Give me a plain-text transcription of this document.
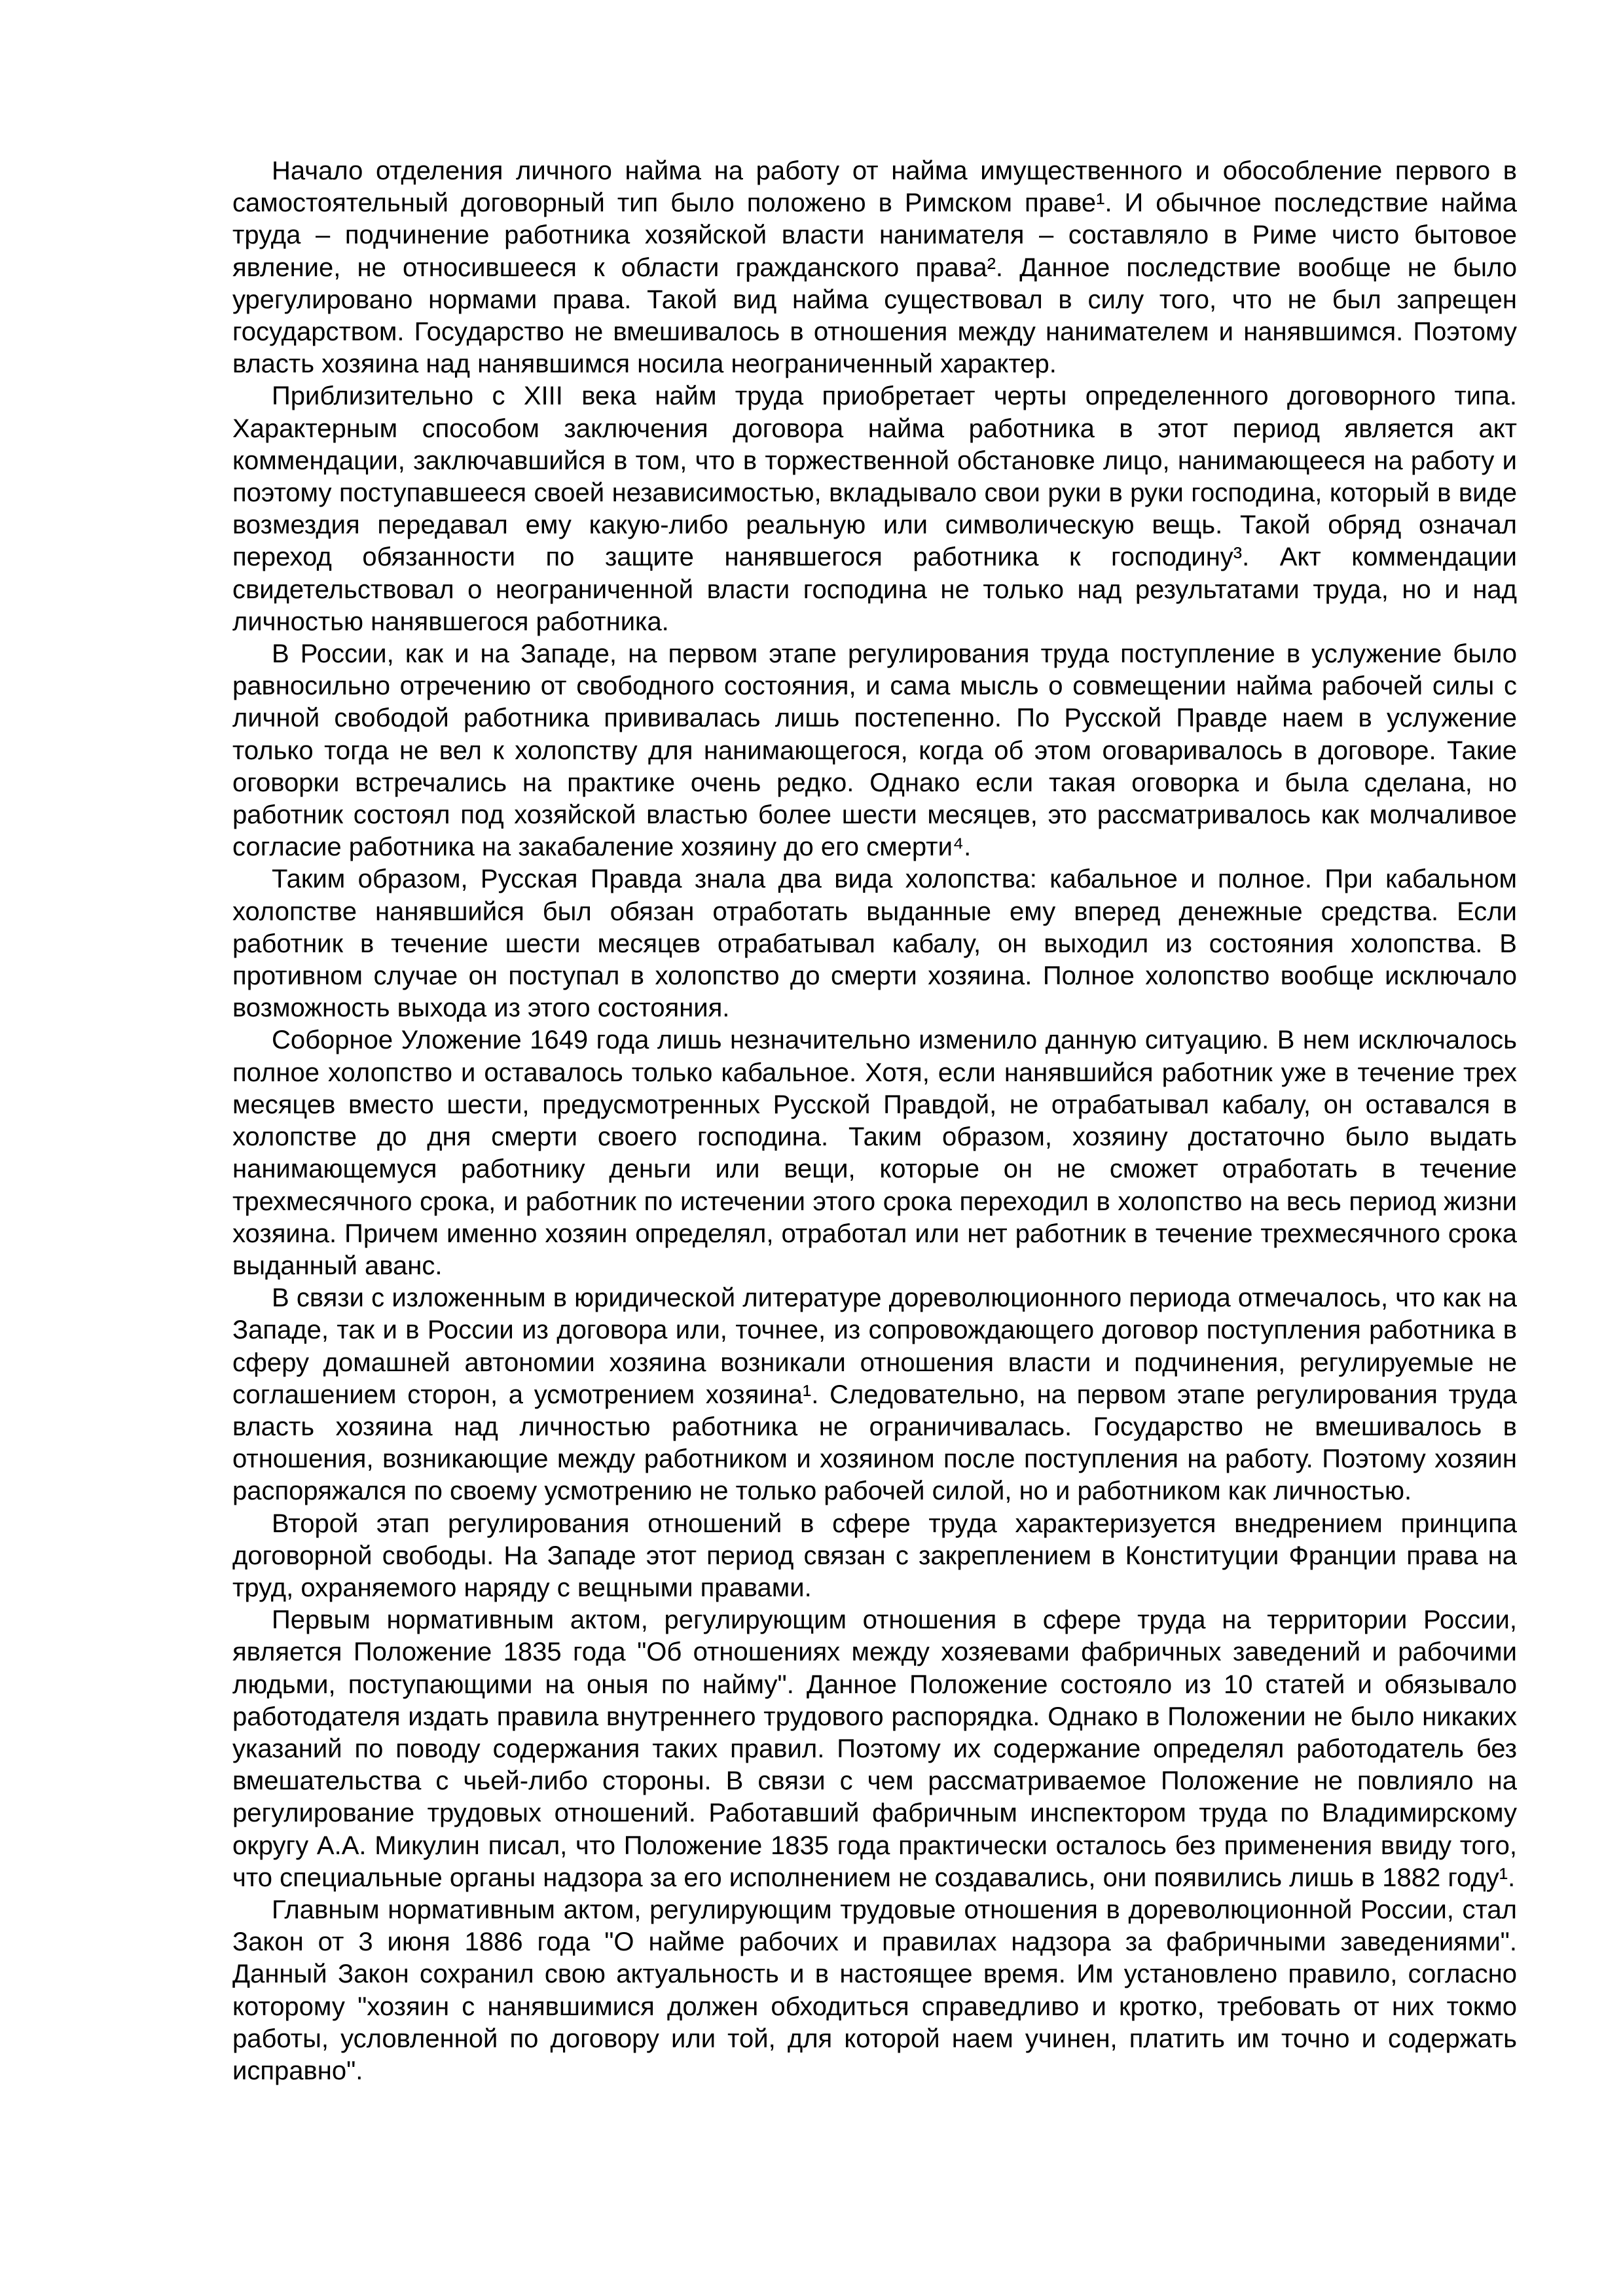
Начало отделения личного найма на работу от найма имущественного и обособление первого в самостоятельный договорный тип было положено в Римском праве¹. И обычное последствие найма труда – подчинение работника хозяйской власти нанимателя – составляло в Риме чисто бытовое явление, не относившееся к области гражданского права². Данное последствие вообще не было урегулировано нормами права. Такой вид найма существовал в силу того, что не был запрещен государством. Государство не вмешивалось в отношения между нанимателем и нанявшимся. Поэтому власть хозяина над нанявшимся носила неограниченный характер.

Приблизительно с XIII века найм труда приобретает черты определенного договорного типа. Характерным способом заключения договора найма работника в этот период является акт коммендации, заключавшийся в том, что в торжественной обстановке лицо, нанимающееся на работу и поэтому поступавшееся своей независимостью, вкладывало свои руки в руки господина, который в виде возмездия передавал ему какую-либо реальную или символическую вещь. Такой обряд означал переход обязанности по защите нанявшегося работника к господину³. Акт коммендации свидетельствовал о неограниченной власти господина не только над результатами труда, но и над личностью нанявшегося работника.

В России, как и на Западе, на первом этапе регулирования труда поступление в услужение было равносильно отречению от свободного состояния, и сама мысль о совмещении найма рабочей силы с личной свободой работника прививалась лишь постепенно. По Русской Правде наем в услужение только тогда не вел к холопству для нанимающегося, когда об этом оговаривалось в договоре. Такие оговорки встречались на практике очень редко. Однако если такая оговорка и была сделана, но работник состоял под хозяйской властью более шести месяцев, это рассматривалось как молчаливое согласие работника на закабаление хозяину до его смерти⁴.

Таким образом, Русская Правда знала два вида холопства: кабальное и полное. При кабальном холопстве нанявшийся был обязан отработать выданные ему вперед денежные средства. Если работник в течение шести месяцев отрабатывал кабалу, он выходил из состояния холопства. В противном случае он поступал в холопство до смерти хозяина. Полное холопство вообще исключало возможность выхода из этого состояния.

Соборное Уложение 1649 года лишь незначительно изменило данную ситуацию. В нем исключалось полное холопство и оставалось только кабальное. Хотя, если нанявшийся работник уже в течение трех месяцев вместо шести, предусмотренных Русской Правдой, не отрабатывал кабалу, он оставался в холопстве до дня смерти своего господина. Таким образом, хозяину достаточно было выдать нанимающемуся работнику деньги или вещи, которые он не сможет отработать в течение трехмесячного срока, и работник по истечении этого срока переходил в холопство на весь период жизни хозяина. Причем именно хозяин определял, отработал или нет работник в течение трехмесячного срока выданный аванс.

В связи с изложенным в юридической литературе дореволюционного периода отмечалось, что как на Западе, так и в России из договора или, точнее, из сопровождающего договор поступления работника в сферу домашней автономии хозяина возникали отношения власти и подчинения, регулируемые не соглашением сторон, а усмотрением хозяина¹. Следовательно, на первом этапе регулирования труда власть хозяина над личностью работника не ограничивалась. Государство не вмешивалось в отношения, возникающие между работником и хозяином после поступления на работу. Поэтому хозяин распоряжался по своему усмотрению не только рабочей силой, но и работником как личностью.

Второй этап регулирования отношений в сфере труда характеризуется внедрением принципа договорной свободы. На Западе этот период связан с закреплением в Конституции Франции права на труд, охраняемого наряду с вещными правами.

Первым нормативным актом, регулирующим отношения в сфере труда на территории России, является Положение 1835 года "Об отношениях между хозяевами фабричных заведений и рабочими людьми, поступающими на оныя по найму". Данное Положение состояло из 10 статей и обязывало работодателя издать правила внутреннего трудового распорядка. Однако в Положении не было никаких указаний по поводу содержания таких правил. Поэтому их содержание определял работодатель без вмешательства с чьей-либо стороны. В связи с чем рассматриваемое Положение не повлияло на регулирование трудовых отношений. Работавший фабричным инспектором труда по Владимирскому округу А.А. Микулин писал, что Положение 1835 года практически осталось без применения ввиду того, что специальные органы надзора за его исполнением не создавались, они появились лишь в 1882 году¹.

Главным нормативным актом, регулирующим трудовые отношения в дореволюционной России, стал Закон от 3 июня 1886 года "О найме рабочих и правилах надзора за фабричными заведениями". Данный Закон сохранил свою актуальность и в настоящее время. Им установлено правило, согласно которому "хозяин с нанявшимися должен обходиться справедливо и кротко, требовать от них токмо работы, условленной по договору или той, для которой наем учинен, платить им точно и содержать исправно".
